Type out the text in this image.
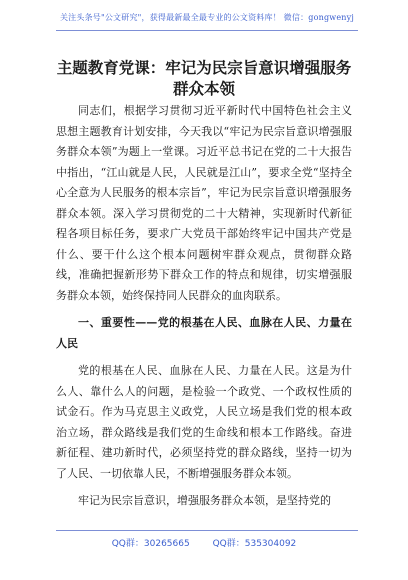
关注头条号"公文研究"，获得最新最全最专业的公文资料库！ 微信：gongwenyj
主题教育党课：牢记为民宗旨意识增强服务群众本领

同志们，根据学习贯彻习近平新时代中国特色社会主义思想主题教育计划安排，今天我以“牢记为民宗旨意识增强服务群众本领”为题上一堂课。习近平总书记在党的二十大报告中指出，“江山就是人民，人民就是江山”，要求全党“坚持全心全意为人民服务的根本宗旨”，牢记为民宗旨意识增强服务群众本领。深入学习贯彻党的二十大精神，实现新时代新征程各项目标任务，要求广大党员干部始终牢记中国共产党是什么、要干什么这个根本问题树牢群众观点，贯彻群众路线，准确把握新形势下群众工作的特点和规律，切实增强服务群众本领，始终保持同人民群众的血肉联系。

一、重要性——党的根基在人民、血脉在人民、力量在人民

党的根基在人民、血脉在人民、力量在人民。这是为什么人、靠什么人的问题，是检验一个政党、一个政权性质的试金石。作为马克思主义政党，人民立场是我们党的根本政治立场，群众路线是我们党的生命线和根本工作路线。奋进新征程、建功新时代，必须坚持党的群众路线，坚持一切为了人民、一切依靠人民，不断增强服务群众本领。

牢记为民宗旨意识，增强服务群众本领，是坚持党的

QQ群：30265665	QQ群：535304092
